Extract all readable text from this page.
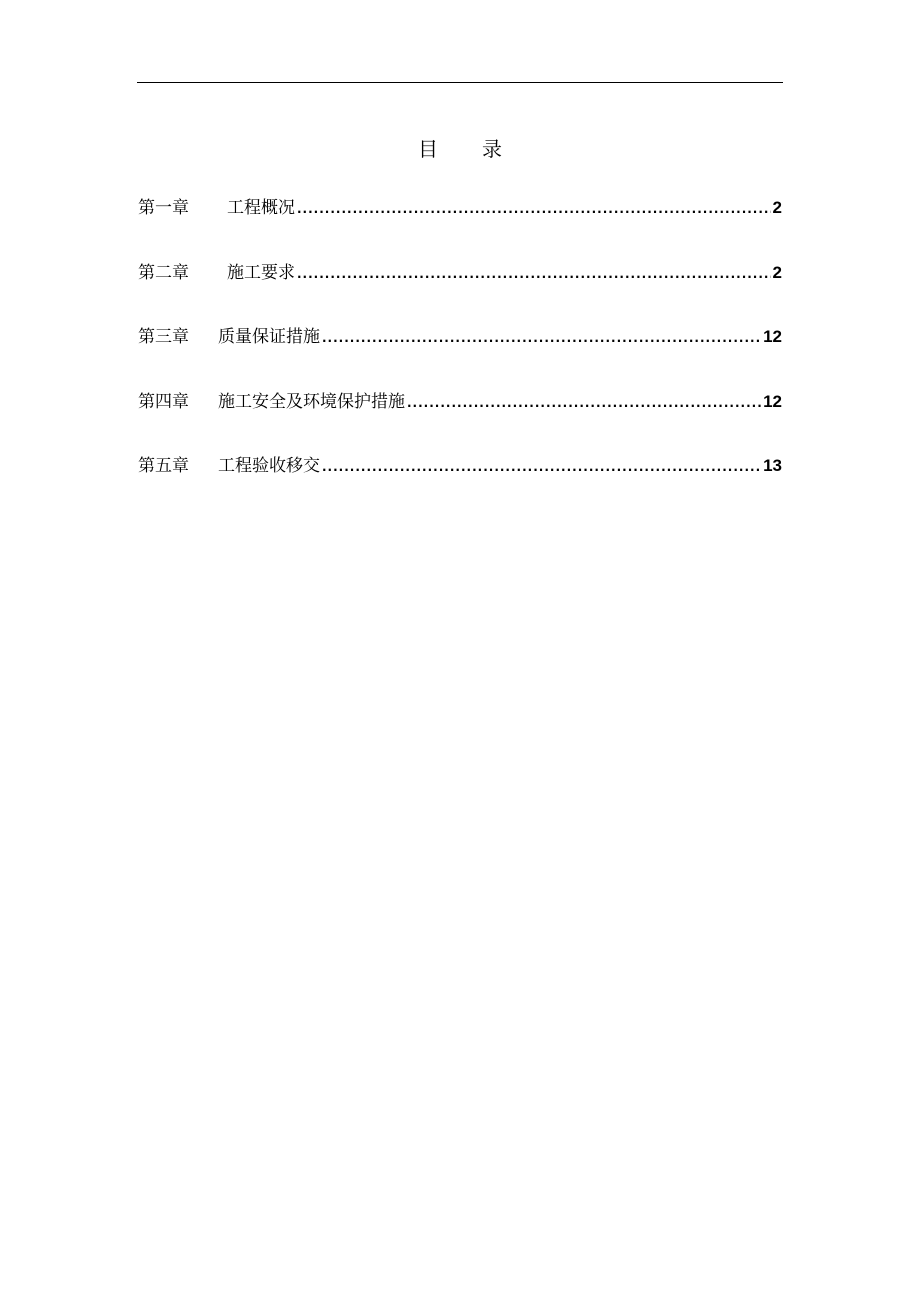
目 录
第一章 工程概况 .....	2
第二章 施工要求 .....	2
第三章 质量保证措施 .....	12
第四章 施工安全及环境保护措施 .....	12
第五章 工程验收移交 .....	13
